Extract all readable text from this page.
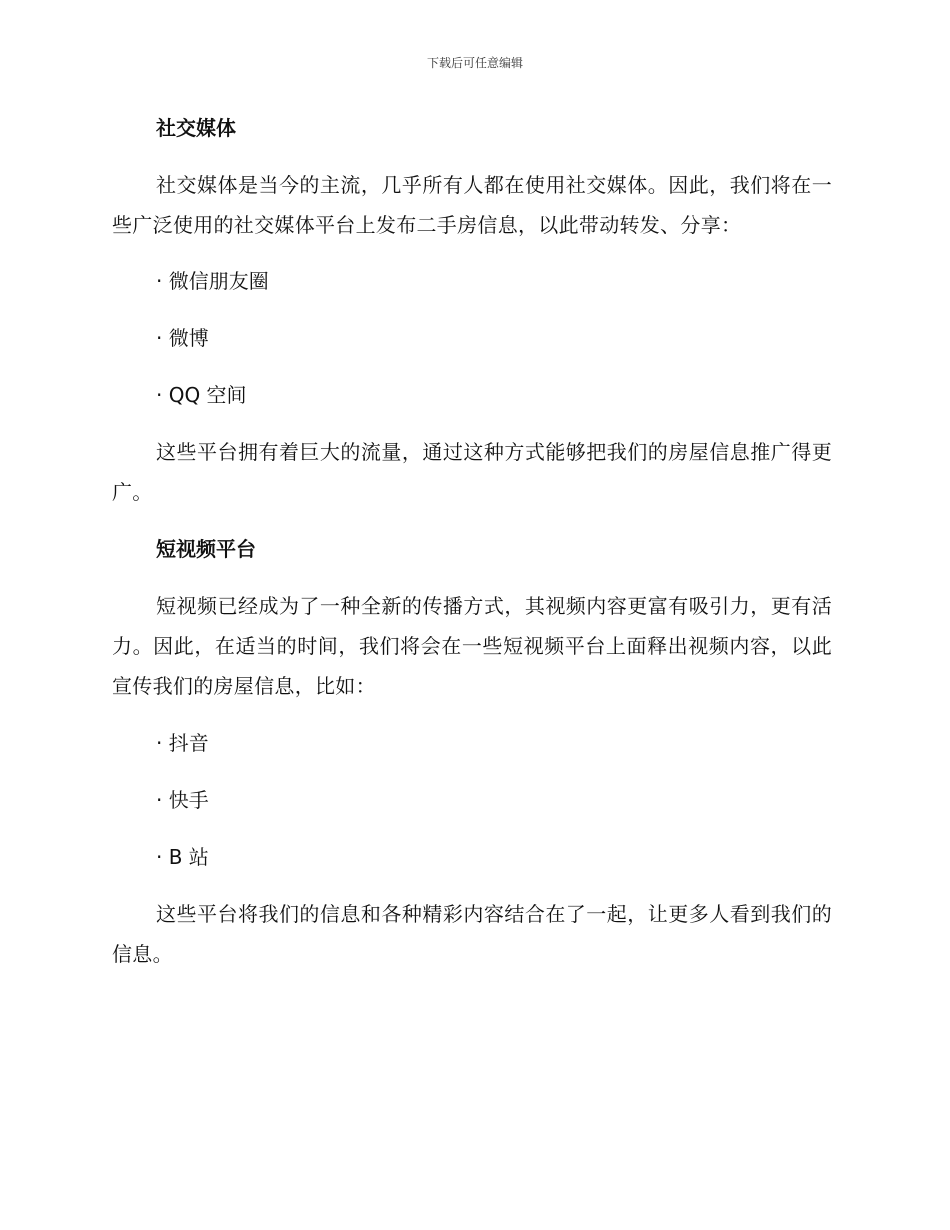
下载后可任意编辑
社交媒体

社交媒体是当今的主流，几乎所有人都在使用社交媒体。因此，我们将在一些广泛使用的社交媒体平台上发布二手房信息，以此带动转发、分享：

· 微信朋友圈

· 微博

· QQ 空间

这些平台拥有着巨大的流量，通过这种方式能够把我们的房屋信息推广得更广。

短视频平台

短视频已经成为了一种全新的传播方式，其视频内容更富有吸引力，更有活力。因此，在适当的时间，我们将会在一些短视频平台上面释出视频内容，以此宣传我们的房屋信息，比如：

· 抖音

· 快手

· B 站

这些平台将我们的信息和各种精彩内容结合在了一起，让更多人看到我们的信息。
